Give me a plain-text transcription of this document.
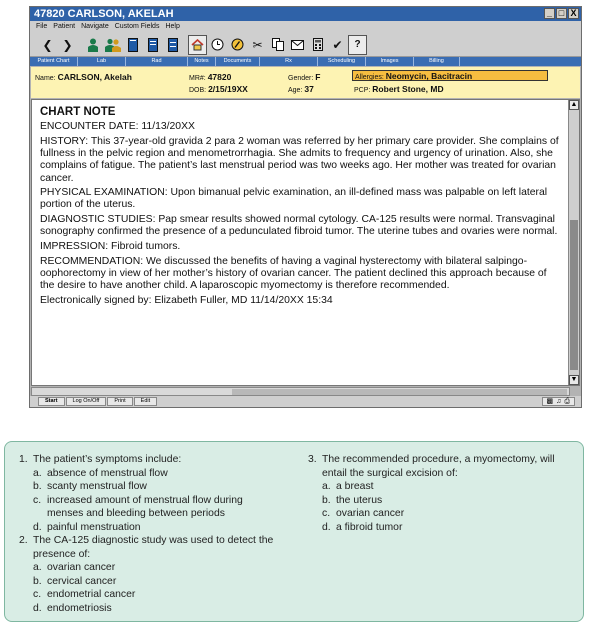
47820 CARLSON, AKELAH	_ □ X
File Patient Navigate Custom Fields Help
❮ ❯	✂	✔	?
Patient Chart	Lab	Rad	Notes	Documents	Rx	Scheduling	Images	Billing
Name: CARLSON, Akelah	MR#: 47820
DOB: 2/15/19XX
Gender: F
Age: 37
Allergies: Neomycin, Bacitracin
PCP: Robert Stone, MD

CHART NOTE

ENCOUNTER DATE: 11/13/20XX

HISTORY: This 37-year-old gravida 2 para 2 woman was referred by her primary care provider. She complains of fullness in the pelvic region and menometrorrhagia. She admits to frequency and urgency of urination. Also, she complains of fatigue. The patient’s last menstrual period was two weeks ago. Her mother was treated for ovarian cancer.

PHYSICAL EXAMINATION: Upon bimanual pelvic examination, an ill-defined mass was palpable on left lateral portion of the uterus.

DIAGNOSTIC STUDIES: Pap smear results showed normal cytology. CA-125 results were normal. Transvaginal sonography confirmed the presence of a pedunculated fibroid tumor. The uterine tubes and ovaries were normal.

IMPRESSION: Fibroid tumors.

RECOMMENDATION: We discussed the benefits of having a vaginal hysterectomy with bilateral salpingo-oophorectomy in view of her mother’s history of ovarian cancer. The patient declined this approach because of the desire to have another child. A laparoscopic myomectomy is therefore recommended.

Electronically signed by: Elizabeth Fuller, MD 11/14/20XX 15:34

▲
▼
Start	Log On/Off	Print	Edit	▩ ♫ ⎙
1. The patient’s symptoms include:
a. absence of menstrual flow
b. scanty menstrual flow
c. increased amount of menstrual flow during menses and bleeding between periods
d. painful menstruation
2. The CA-125 diagnostic study was used to detect the presence of:
a. ovarian cancer
b. cervical cancer
c. endometrial cancer
d. endometriosis
3. The recommended procedure, a myomectomy, will entail the surgical excision of:
a. a breast
b. the uterus
c. ovarian cancer
d. a fibroid tumor
